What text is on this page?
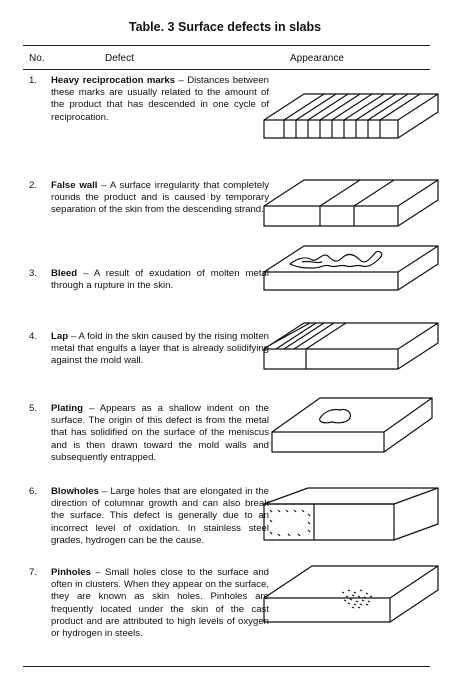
Table. 3 Surface defects in slabs
No.	Defect	Appearance
1. Heavy reciprocation marks – Distances between these marks are usually related to the amount of the product that has descended in one cycle of reciprocation.
2. False wall – A surface irregularity that completely rounds the product and is caused by temporary separation of the skin from the descending strand.
3. Bleed – A result of exudation of molten metal through a rupture in the skin.
4. Lap – A fold in the skin caused by the rising molten metal that engulfs a layer that is already solidifying against the mold wall.
5. Plating – Appears as a shallow indent on the surface. The origin of this defect is from the metal that has solidified on the surface of the meniscus and is then drawn toward the mold walls and subsequently entrapped.
6. Blowholes – Large holes that are elongated in the direction of columnar growth and can also break the surface. This defect is generally due to an incorrect level of oxidation. In stainless steel grades, hydrogen can be the cause.
7. Pinholes – Small holes close to the surface and often in clusters. When they appear on the surface, they are known as skin holes. Pinholes are frequently located under the skin of the cast product and are attributed to high levels of oxygen or hydrogen in steels.
